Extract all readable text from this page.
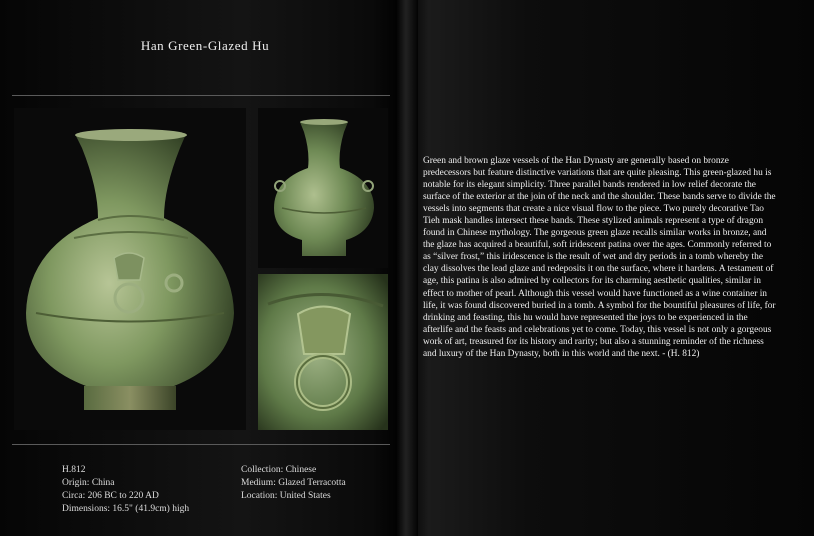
Han Green-Glazed Hu
H.812
Origin: China
Circa: 206 BC to 220 AD
Dimensions: 16.5" (41.9cm) high
Collection: Chinese
Medium: Glazed Terracotta
Location: United States
Green and brown glaze vessels of the Han Dynasty are generally based on bronze predecessors but feature distinctive variations that are quite pleasing. This green-glazed hu is notable for its elegant simplicity. Three parallel bands rendered in low relief decorate the surface of the exterior at the join of the neck and the shoulder. These bands serve to divide the vessels into segments that create a nice visual flow to the piece. Two purely decorative Tao Tieh mask handles intersect these bands. These stylized animals represent a type of dragon found in Chinese mythology. The gorgeous green glaze recalls similar works in bronze, and the glaze has acquired a beautiful, soft iridescent patina over the ages. Commonly referred to as “silver frost,” this iridescence is the result of wet and dry periods in a tomb whereby the clay dissolves the lead glaze and redeposits it on the surface, where it hardens. A testament of age, this patina is also admired by collectors for its charming aesthetic qualities, similar in effect to mother of pearl. Although this vessel would have functioned as a wine container in life, it was found discovered buried in a tomb. A symbol for the bountiful pleasures of life, for drinking and feasting, this hu would have represented the joys to be experienced in the afterlife and the feasts and celebrations yet to come. Today, this vessel is not only a gorgeous work of art, treasured for its history and rarity; but also a stunning reminder of the richness and luxury of the Han Dynasty, both in this world and the next. - (H. 812)
